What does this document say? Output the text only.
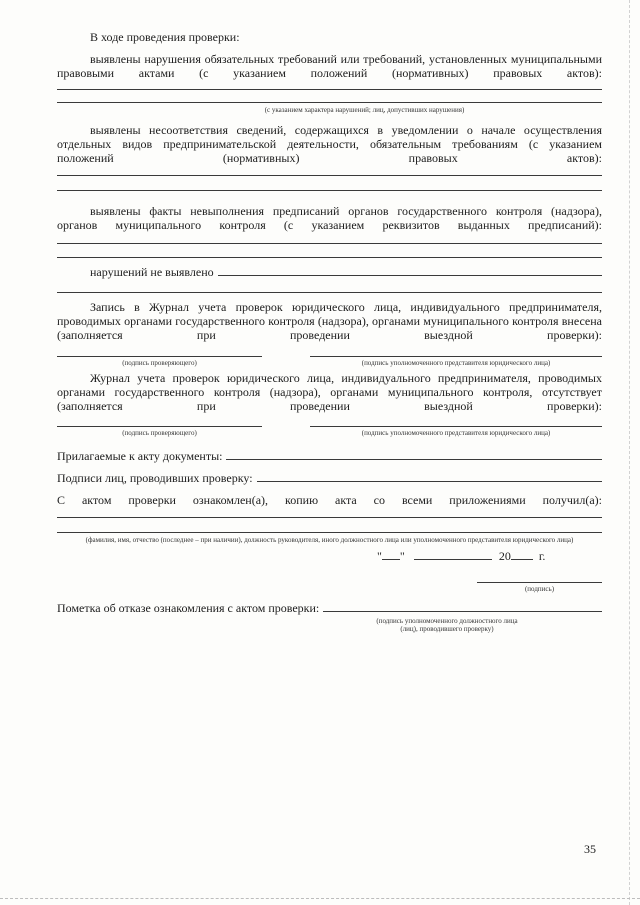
В ходе проведения проверки:

выявлены нарушения обязательных требований или требований, установленных муниципальными правовыми актами (с указанием положений (нормативных) правовых актов):

(с указанием характера нарушений; лиц, допустивших нарушения)

выявлены несоответствия сведений, содержащихся в уведомлении о начале осуществления отдельных видов предпринимательской деятельности, обязательным требованиям (с указанием положений (нормативных) правовых актов):

выявлены факты невыполнения предписаний органов государственного контроля (надзора), органов муниципального контроля (с указанием реквизитов выданных предписаний):

нарушений не выявлено

Запись в Журнал учета проверок юридического лица, индивидуального предпринимателя, проводимых органами государственного контроля (надзора), органами муниципального контроля внесена (заполняется при проведении выездной проверки):

(подпись проверяющего)	(подпись уполномоченного представителя юридического лица)

Журнал учета проверок юридического лица, индивидуального предпринимателя, проводимых органами государственного контроля (надзора), органами муниципального контроля, отсутствует (заполняется при проведении выездной проверки):

(подпись проверяющего)	(подпись уполномоченного представителя юридического лица)
Прилагаемые к акту документы:
Подписи лиц, проводивших проверку:

С актом проверки ознакомлен(а), копию акта со всеми приложениями получил(а):

(фамилия, имя, отчество (последнее – при наличии), должность руководителя, иного должностного лица или уполномоченного представителя юридического лица)
" "	20 г.
(подпись)
Пометка об отказе ознакомления с актом проверки:
(подпись уполномоченного должностного лица (лиц), проводившего проверку)
35
